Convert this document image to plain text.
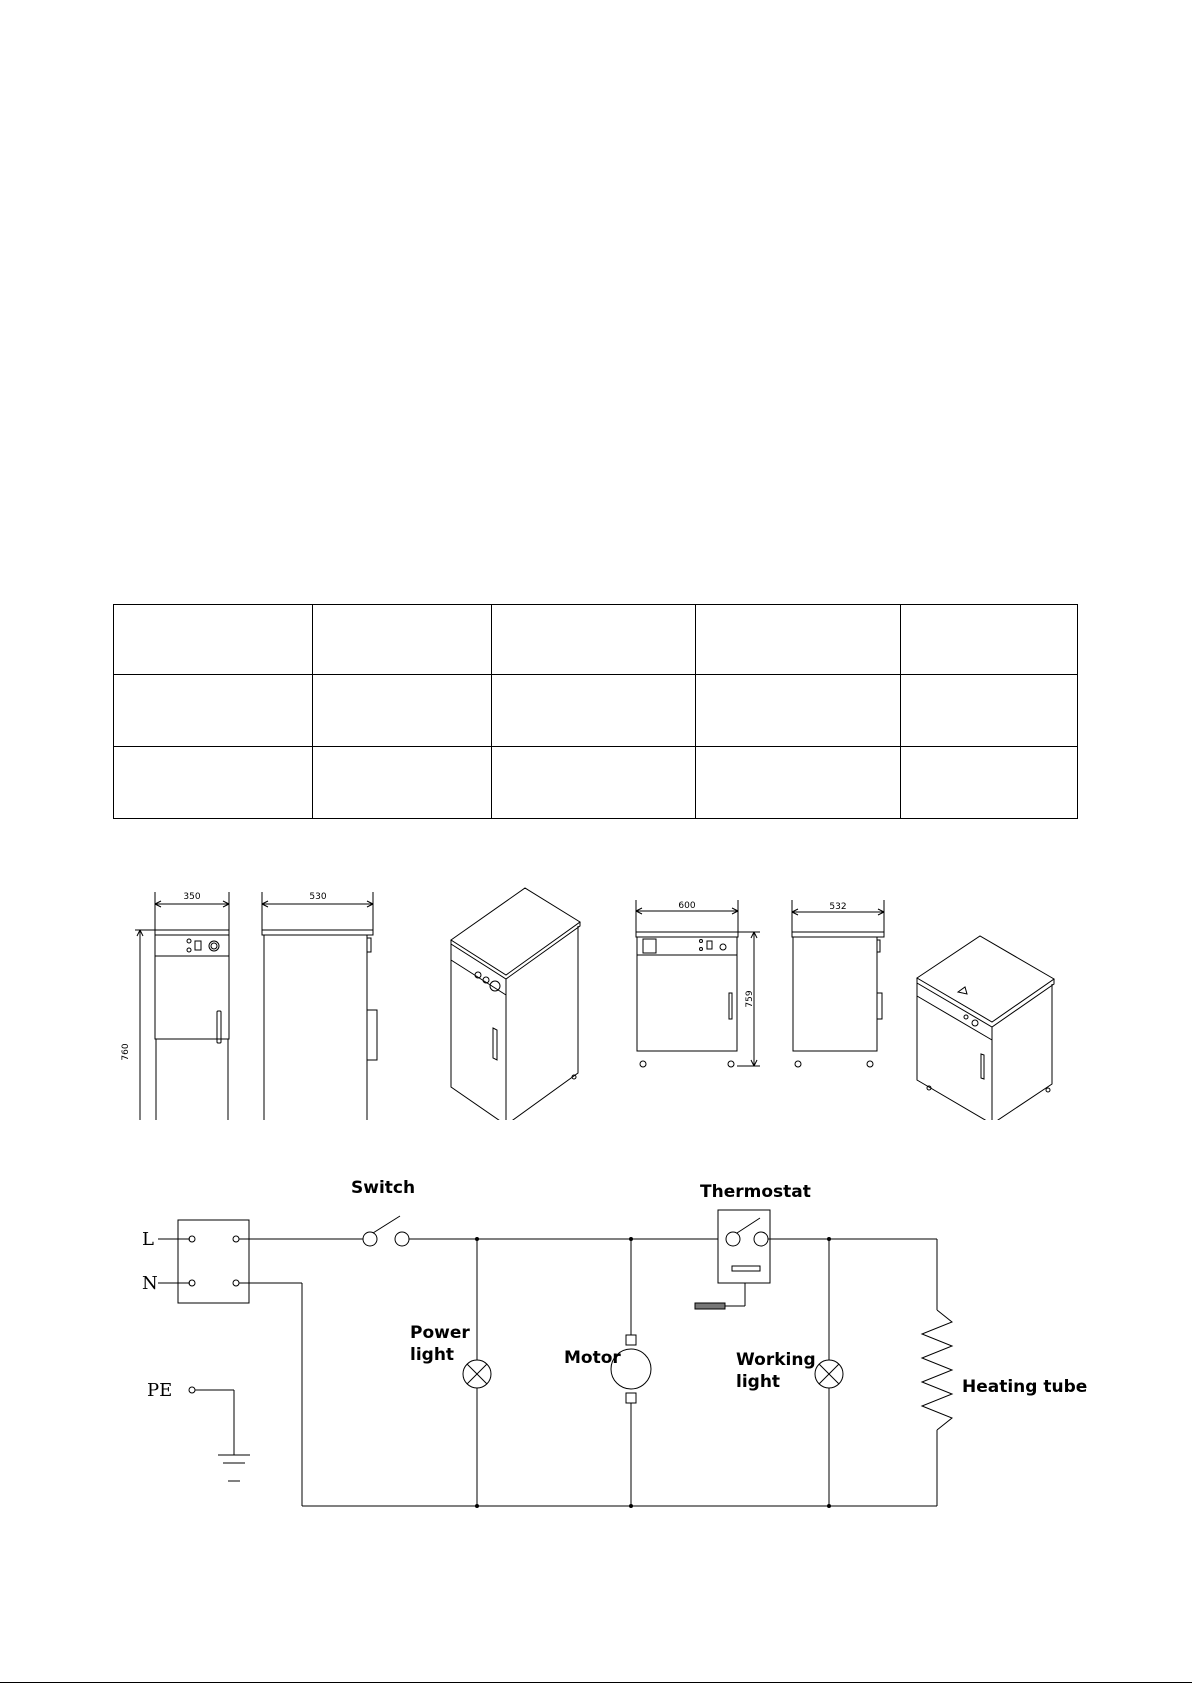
350	530
760
600	532
759
L
N
PE
Switch	Thermostat
Power
light	Motor	Working
light	Heating tube
